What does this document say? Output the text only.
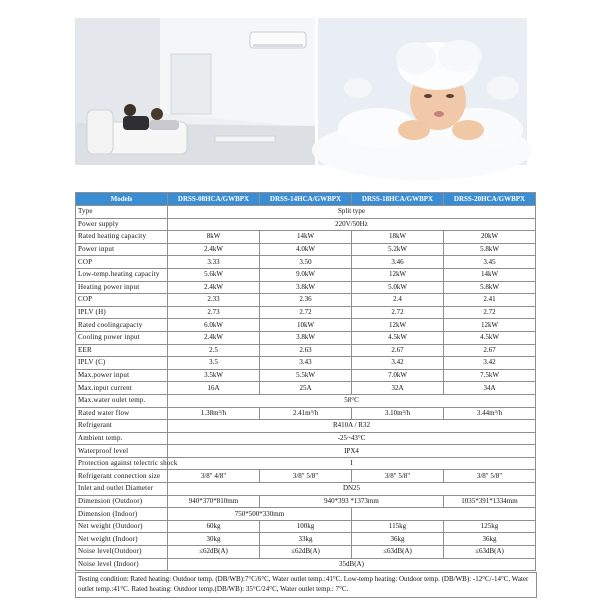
Models	DRSS-08HCA/GWBPX	DRSS-14HCA/GWBPX	DRSS-18HCA/GWBPX	DRSS-20HCA/GWBPX
Type	Split type			
Power supply	220V/50Hz			
Rated heating capacity	8kW	14kW	18kW	20kW
Power input	2.4kW	4.0kW	5.2kW	5.8kW
COP	3.33	3.50	3.46	3.45
Low-temp.heating capacity	5.6kW	9.0kW	12kW	14kW
Heating power input	2.4kW	3.8kW	5.0kW	5.8kW
COP	2.33	2.36	2.4	2.41
IPLV (H)	2.73	2.72	2.72	2.72
Rated coolingcapacty	6.0kW	10kW	12kW	12kW
Cooling power input	2.4kW	3.8kW	4.5kW	4.5kW
EER	2.5	2.63	2.67	2.67
IPLV (C)	3.5	3.43	3.42	3.42
Max.power input	3.5kW	5.5kW	7.0kW	7.5kW
Max.input current	16A	25A	32A	34A
Max.water oulet temp.	58°C			
Rated water flow	1.38m³/h	2.41m³/h	3.10m³/h	3.44m³/h
Refrigerant	R410A / R32			
Ambient temp.	-25~43°C			
Waterproof level	IPX4			
Protection against telectric shock	I			
Refrigerant connection size	3/8" 4/8"	3/8" 5/8"	3/8" 5/8"	3/8" 5/8"
Inlet and outlet Diameter	DN25			
Dimension (Outdoor)	940*370*810mm	940*393 *1373mm		1035*391*1334mm
Dimension (Indoor)	750*500*330mm			
Net weight (Outdoor)	60kg	100kg	115kg	125kg
Net weight (Indoor)	30kg	33kg	36kg	36kg
Noise level(Outdoor)	≤62dB(A)	≤62dB(A)	≤63dB(A)	≤63dB(A)
Noise level (Indoor)	35dB(A)			
Testing condition: Rated heating: Outdoor temp. (DB/WB):7°C/6°C, Water outlet temp.:41°C. Low-temp heating: Outdoor temp. (DB/WB): -12°C/-14°C, Water outlet temp.:41°C. Rated heating: Outdoor temp.(DB/WB): 35°C/24°C, Water outlet temp.: 7°C.
